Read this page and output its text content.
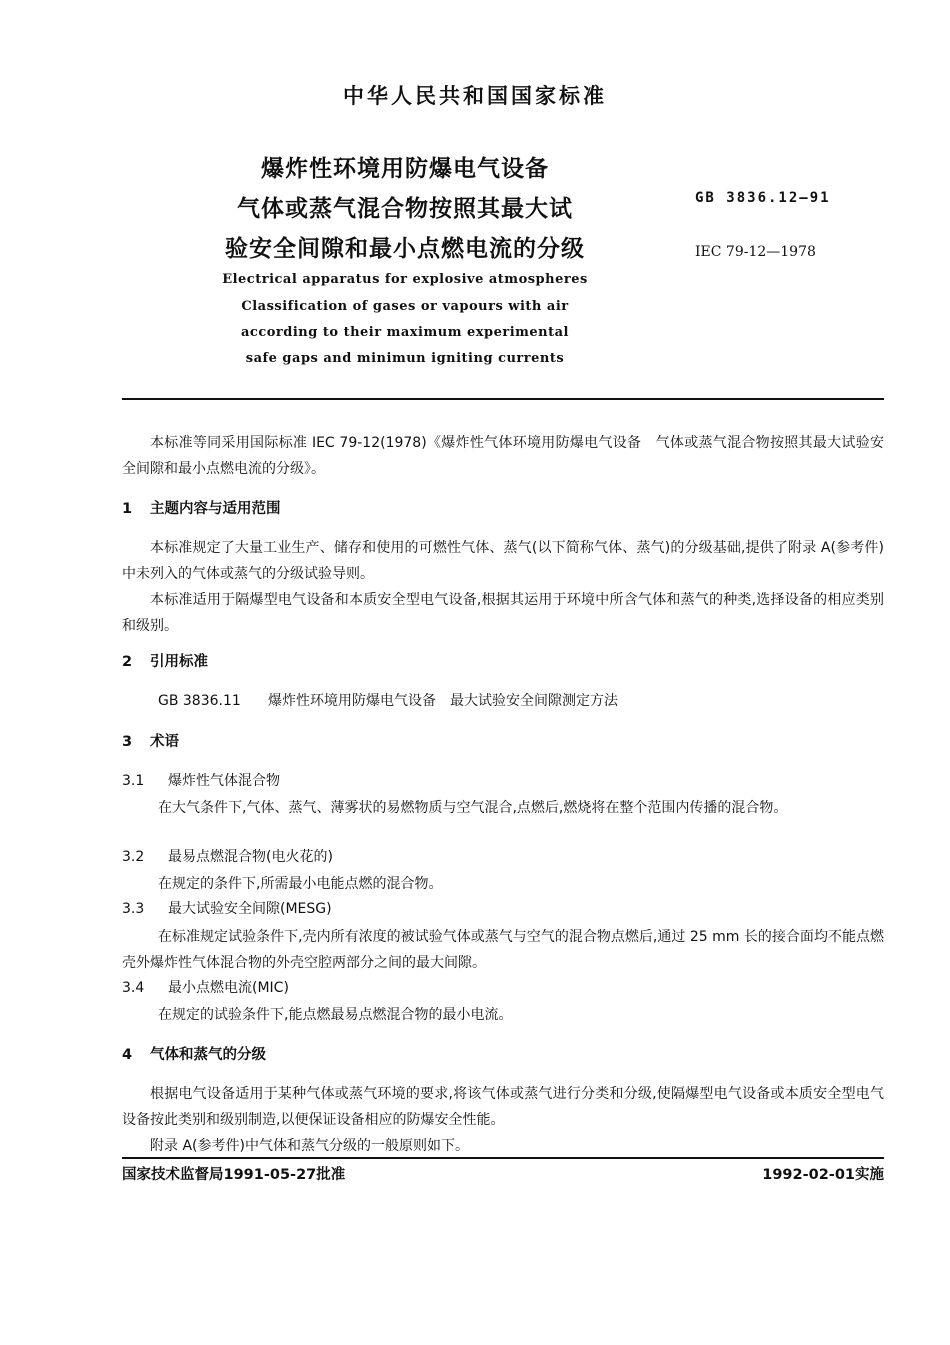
中华人民共和国国家标准
爆炸性环境用防爆电气设备
气体或蒸气混合物按照其最大试
验安全间隙和最小点燃电流的分级
Electrical apparatus for explosive atmospheres
Classification of gases or vapours with air
according to their maximum experimental
safe gaps and minimun igniting currents
GB 3836.12—91
IEC 79-12—1978
本标准等同采用国际标准 IEC 79-12(1978)《爆炸性气体环境用防爆电气设备　气体或蒸气混合物按照其最大试验安全间隙和最小点燃电流的分级》。
1 主题内容与适用范围
本标准规定了大量工业生产、储存和使用的可燃性气体、蒸气(以下简称气体、蒸气)的分级基础,提供了附录 A(参考件)中未列入的气体或蒸气的分级试验导则。
本标准适用于隔爆型电气设备和本质安全型电气设备,根据其运用于环境中所含气体和蒸气的种类,选择设备的相应类别和级别。
2 引用标准
GB 3836.11 爆炸性环境用防爆电气设备　最大试验安全间隙测定方法
3 术语
3.1 爆炸性气体混合物
在大气条件下,气体、蒸气、薄雾状的易燃物质与空气混合,点燃后,燃烧将在整个范围内传播的混合物。
3.2 最易点燃混合物(电火花的)
在规定的条件下,所需最小电能点燃的混合物。
3.3 最大试验安全间隙(MESG)
在标准规定试验条件下,壳内所有浓度的被试验气体或蒸气与空气的混合物点燃后,通过 25 mm 长的接合面均不能点燃壳外爆炸性气体混合物的外壳空腔两部分之间的最大间隙。
3.4 最小点燃电流(MIC)
在规定的试验条件下,能点燃最易点燃混合物的最小电流。
4 气体和蒸气的分级
根据电气设备适用于某种气体或蒸气环境的要求,将该气体或蒸气进行分类和分级,使隔爆型电气设备或本质安全型电气设备按此类别和级别制造,以便保证设备相应的防爆安全性能。
附录 A(参考件)中气体和蒸气分级的一般原则如下。
国家技术监督局1991-05-27批准	1992-02-01实施
